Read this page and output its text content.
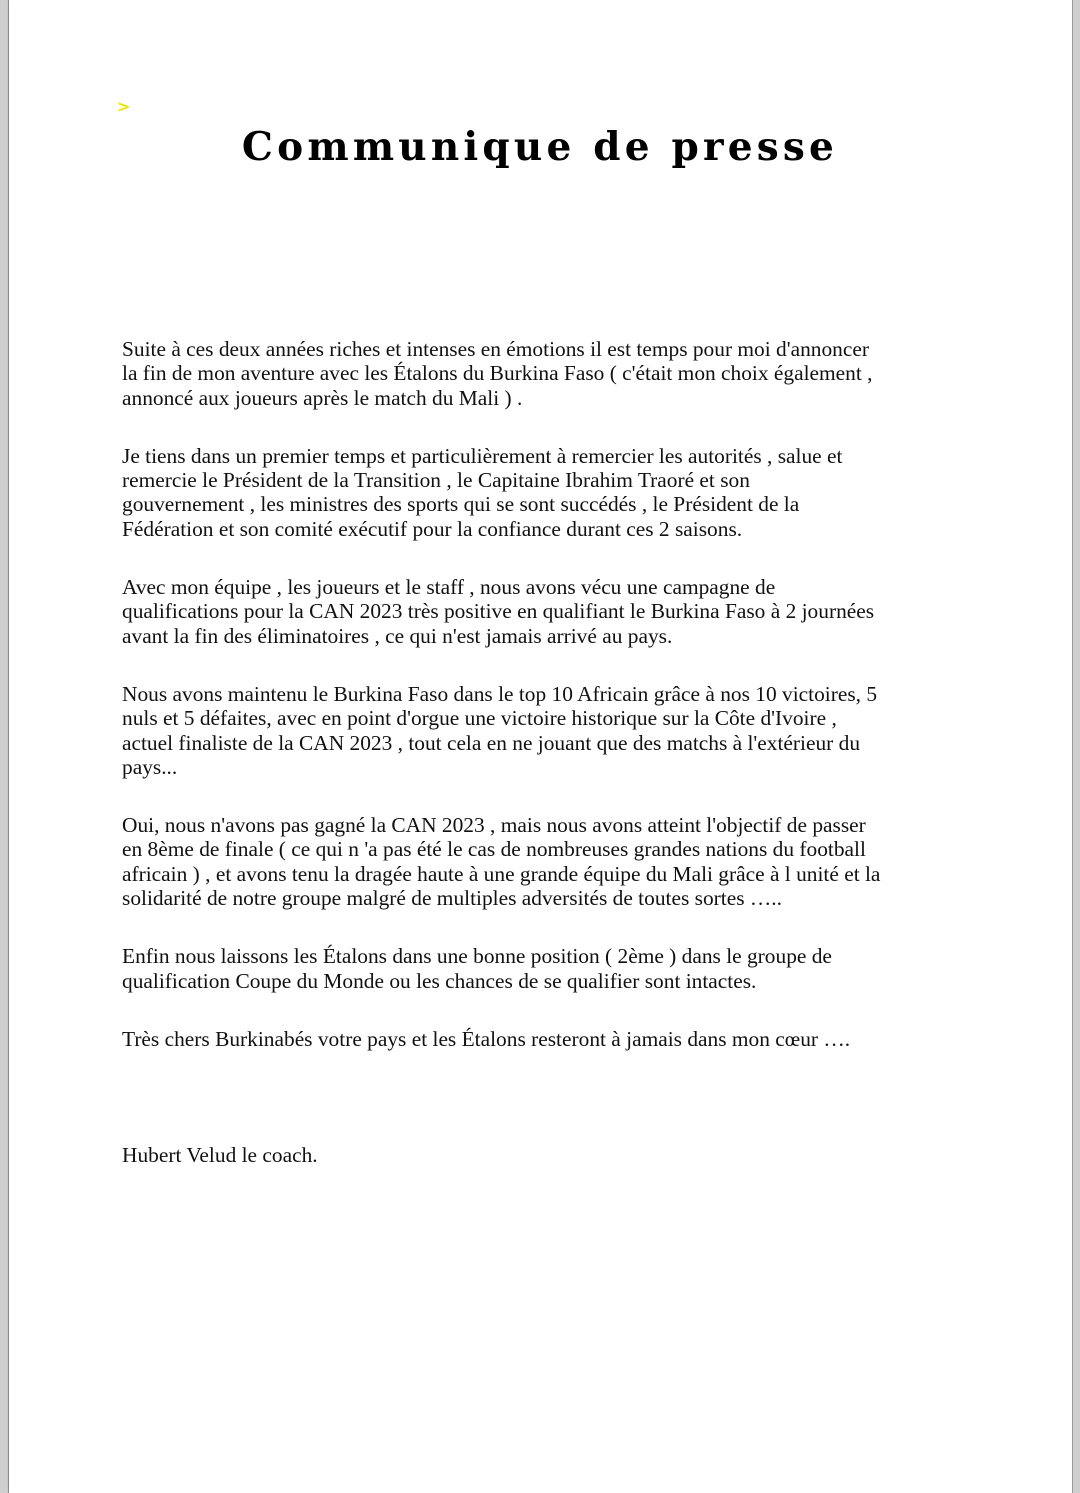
>
Communique de presse

Suite à ces deux années riches et intenses en émotions il est temps pour moi d'annoncer
la fin de mon aventure avec les Étalons du Burkina Faso ( c'était mon choix également ,
annoncé aux joueurs après le match du Mali ) .

Je tiens dans un premier temps et particulièrement à remercier les autorités , salue et
remercie le Président de la Transition , le Capitaine Ibrahim Traoré et son
gouvernement , les ministres des sports qui se sont succédés , le Président de la
Fédération et son comité exécutif pour la confiance durant ces 2 saisons.

Avec mon équipe , les joueurs et le staff , nous avons vécu une campagne de
qualifications pour la CAN 2023 très positive en qualifiant le Burkina Faso à 2 journées
avant la fin des éliminatoires , ce qui n'est jamais arrivé au pays.

Nous avons maintenu le Burkina Faso dans le top 10 Africain grâce à nos 10 victoires, 5
nuls et 5 défaites, avec en point d'orgue une victoire historique sur la Côte d'Ivoire ,
actuel finaliste de la CAN 2023 , tout cela en ne jouant que des matchs à l'extérieur du
pays...

Oui, nous n'avons pas gagné la CAN 2023 , mais nous avons atteint l'objectif de passer
en 8ème de finale ( ce qui n 'a pas été le cas de nombreuses grandes nations du football
africain ) , et avons tenu la dragée haute à une grande équipe du Mali grâce à l unité et la
solidarité de notre groupe malgré de multiples adversités de toutes sortes …..

Enfin nous laissons les Étalons dans une bonne position ( 2ème ) dans le groupe de
qualification Coupe du Monde ou les chances de se qualifier sont intactes.

Très chers Burkinabés votre pays et les Étalons resteront à jamais dans mon cœur ….

Hubert Velud le coach.
